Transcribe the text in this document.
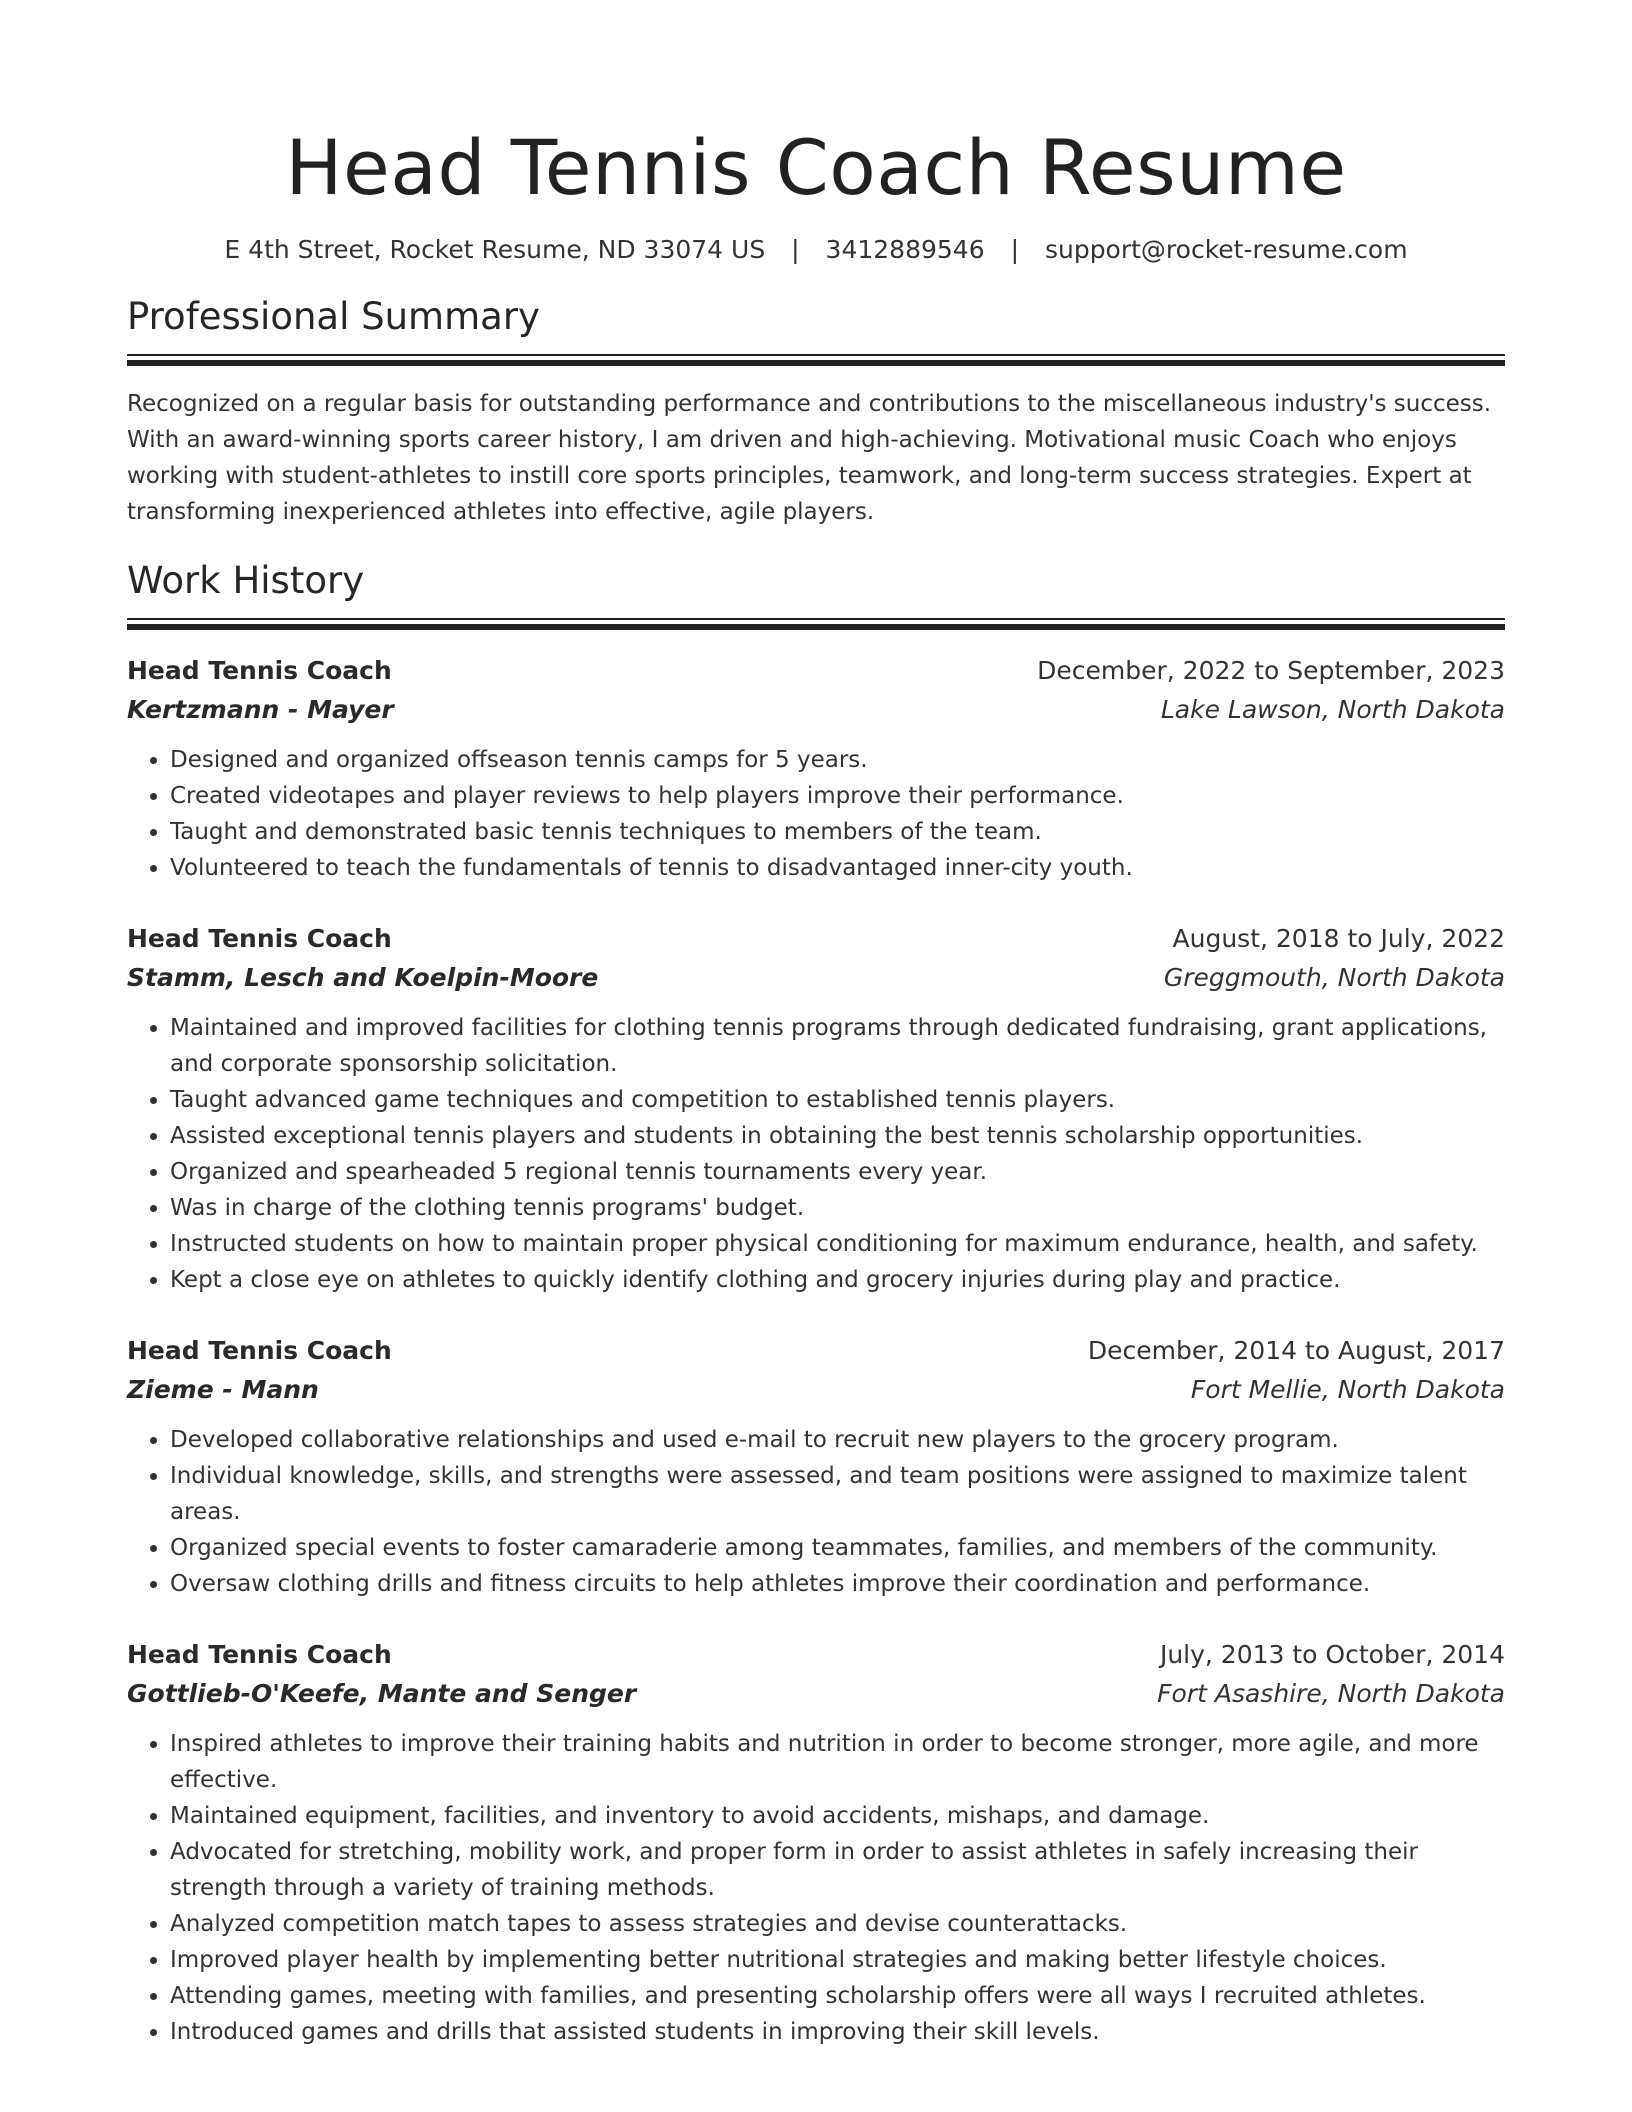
Head Tennis Coach Resume
E 4th Street, Rocket Resume, ND 33074 US | 3412889546 | support@rocket-resume.com
Professional Summary

Recognized on a regular basis for outstanding performance and contributions to the miscellaneous industry's success. With an award-winning sports career history, I am driven and high-achieving. Motivational music Coach who enjoys working with student-athletes to instill core sports principles, teamwork, and long-term success strategies. Expert at transforming inexperienced athletes into effective, agile players.

Work History
Head Tennis Coach	December, 2022 to September, 2023
Kertzmann - Mayer	Lake Lawson, North Dakota
• Designed and organized offseason tennis camps for 5 years.
• Created videotapes and player reviews to help players improve their performance.
• Taught and demonstrated basic tennis techniques to members of the team.
• Volunteered to teach the fundamentals of tennis to disadvantaged inner-city youth.
Head Tennis Coach	August, 2018 to July, 2022
Stamm, Lesch and Koelpin-Moore	Greggmouth, North Dakota
• Maintained and improved facilities for clothing tennis programs through dedicated fundraising, grant applications, and corporate sponsorship solicitation.
• Taught advanced game techniques and competition to established tennis players.
• Assisted exceptional tennis players and students in obtaining the best tennis scholarship opportunities.
• Organized and spearheaded 5 regional tennis tournaments every year.
• Was in charge of the clothing tennis programs' budget.
• Instructed students on how to maintain proper physical conditioning for maximum endurance, health, and safety.
• Kept a close eye on athletes to quickly identify clothing and grocery injuries during play and practice.
Head Tennis Coach	December, 2014 to August, 2017
Zieme - Mann	Fort Mellie, North Dakota
• Developed collaborative relationships and used e-mail to recruit new players to the grocery program.
• Individual knowledge, skills, and strengths were assessed, and team positions were assigned to maximize talent areas.
• Organized special events to foster camaraderie among teammates, families, and members of the community.
• Oversaw clothing drills and fitness circuits to help athletes improve their coordination and performance.
Head Tennis Coach	July, 2013 to October, 2014
Gottlieb-O'Keefe, Mante and Senger	Fort Asashire, North Dakota
• Inspired athletes to improve their training habits and nutrition in order to become stronger, more agile, and more effective.
• Maintained equipment, facilities, and inventory to avoid accidents, mishaps, and damage.
• Advocated for stretching, mobility work, and proper form in order to assist athletes in safely increasing their strength through a variety of training methods.
• Analyzed competition match tapes to assess strategies and devise counterattacks.
• Improved player health by implementing better nutritional strategies and making better lifestyle choices.
• Attending games, meeting with families, and presenting scholarship offers were all ways I recruited athletes.
• Introduced games and drills that assisted students in improving their skill levels.
